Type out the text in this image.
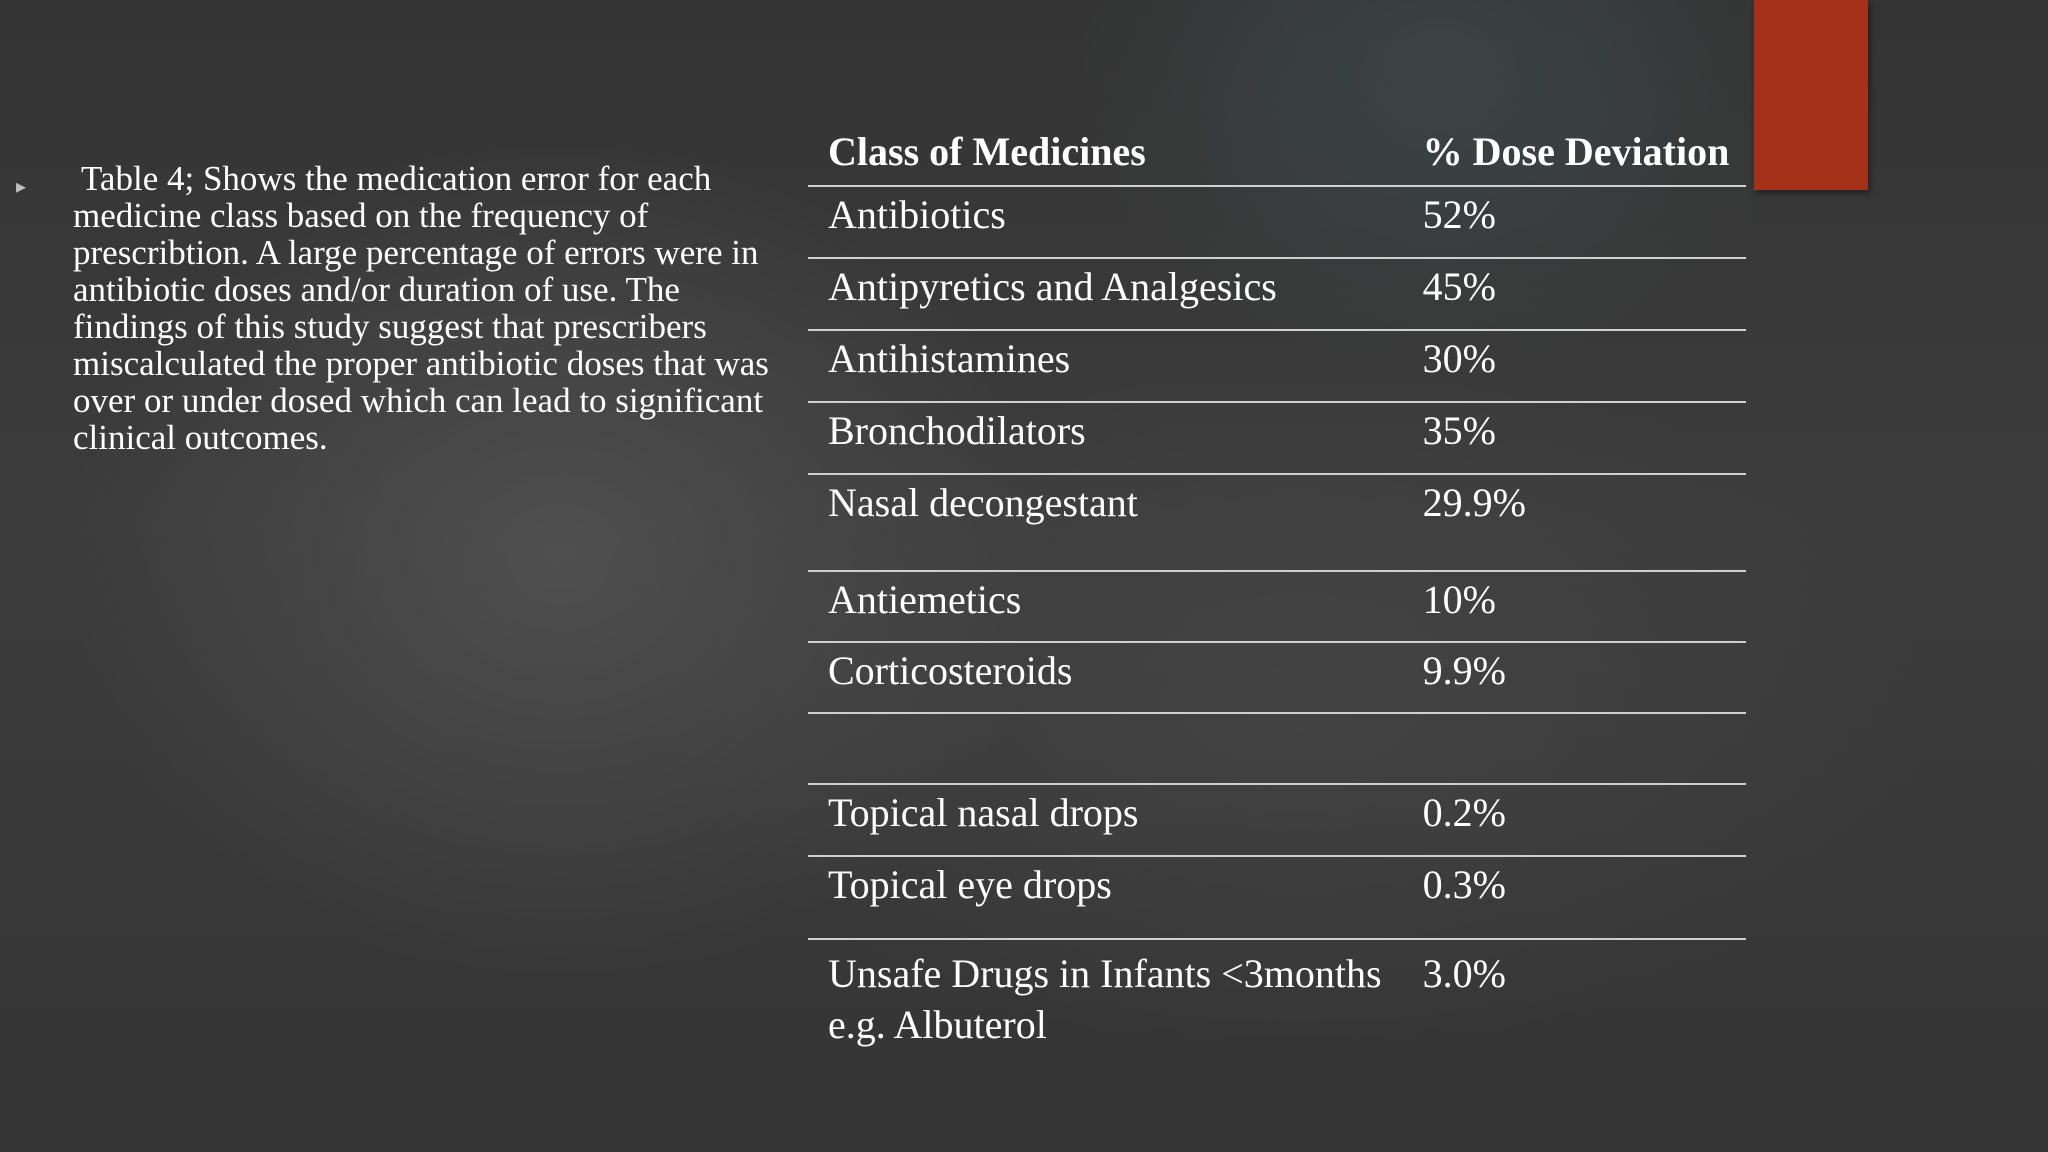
▸ Table 4; Shows the medication error for each medicine class based on the frequency of prescribtion. A large percentage of errors were in antibiotic doses and/or duration of use. The findings of this study suggest that prescribers miscalculated the proper antibiotic doses that was over or under dosed which can lead to significant clinical outcomes.
Class of Medicines	% Dose Deviation
Antibiotics	52%
Antipyretics and Analgesics	45%
Antihistamines	30%
Bronchodilators	35%
Nasal decongestant	29.9%
Antiemetics	10%
Corticosteroids	9.9%

Topical nasal drops	0.2%
Topical eye drops	0.3%
Unsafe Drugs in Infants <3months e.g. Albuterol	3.0%
